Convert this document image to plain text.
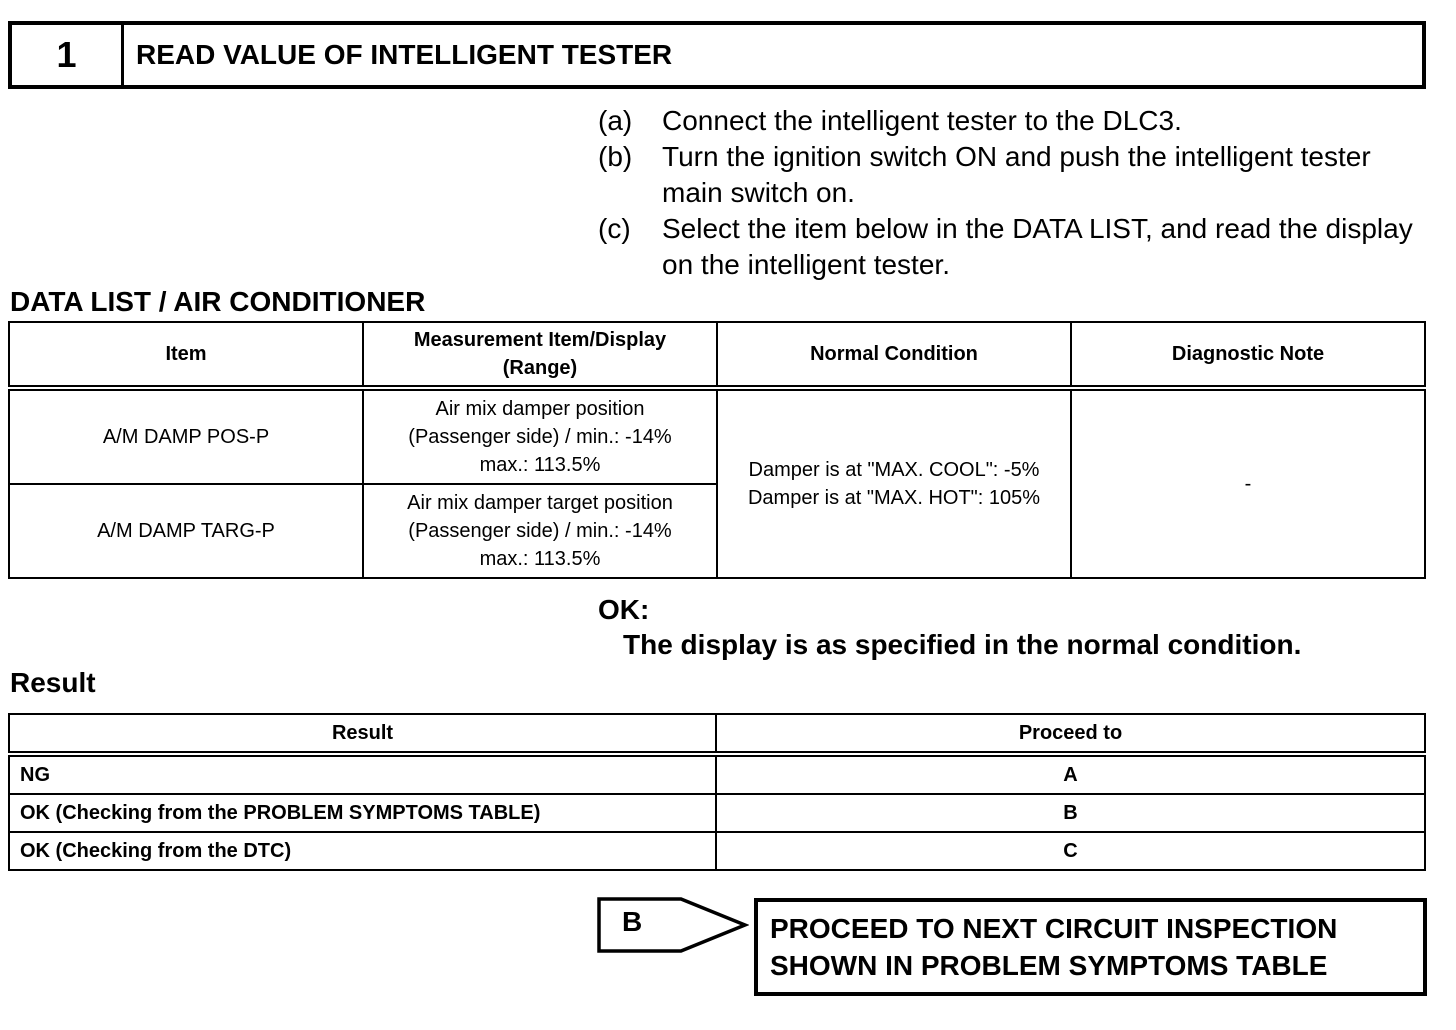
1	READ VALUE OF INTELLIGENT TESTER
(a)	Connect the intelligent tester to the DLC3.
(b)	Turn the ignition switch ON and push the intelligent tester main switch on.
(c)	Select the item below in the DATA LIST, and read the display on the intelligent tester.
DATA LIST / AIR CONDITIONER
Item	Measurement Item/Display (Range)	Normal Condition	Diagnostic Note
A/M DAMP POS-P	Air mix damper position (Passenger side) / min.: -14% max.: 113.5%	Damper is at "MAX. COOL": -5% Damper is at "MAX. HOT": 105%	-
A/M DAMP TARG-P	Air mix damper target position (Passenger side) / min.: -14% max.: 113.5%		
OK:
The display is as specified in the normal condition.
Result
Result	Proceed to
NG	A
OK (Checking from the PROBLEM SYMPTOMS TABLE)	B
OK (Checking from the DTC)	C
B	PROCEED TO NEXT CIRCUIT INSPECTION
SHOWN IN PROBLEM SYMPTOMS TABLE
